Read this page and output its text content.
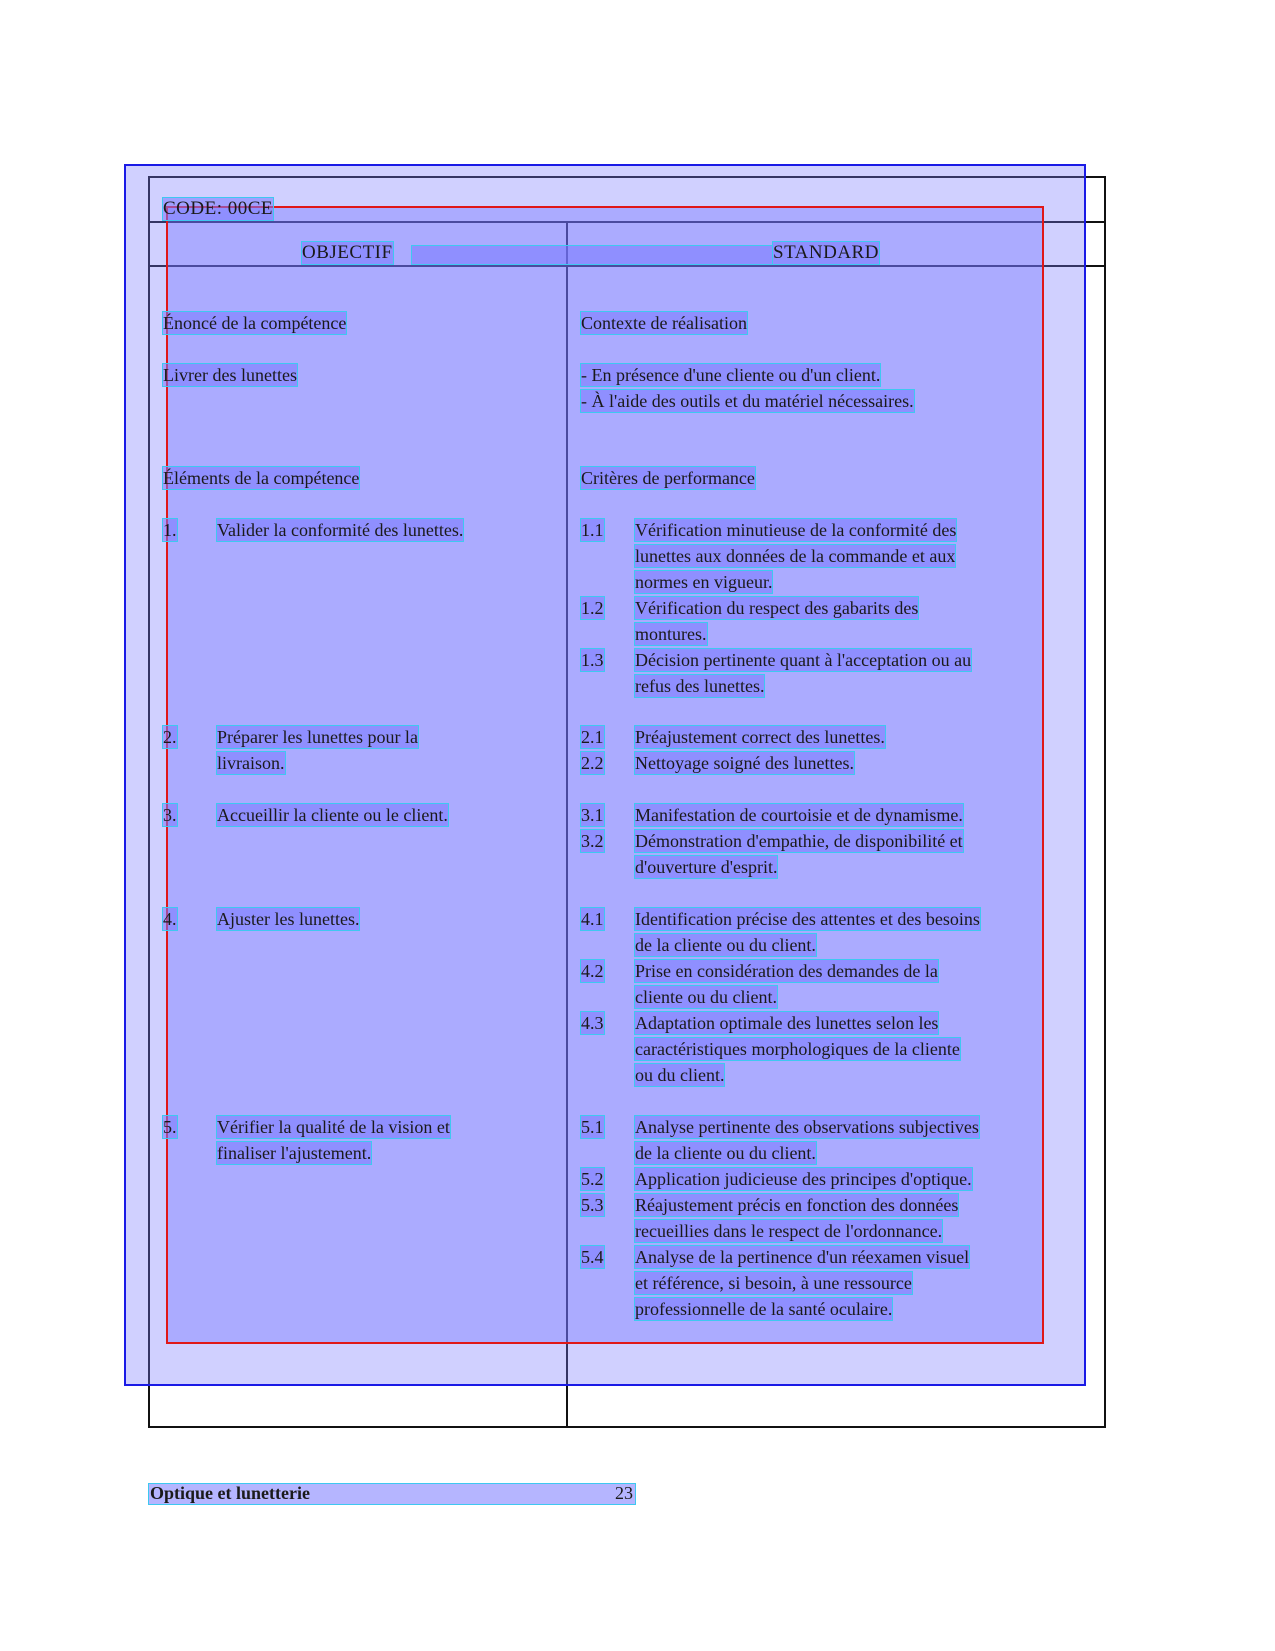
CODE: 00CE
OBJECTIF	STANDARD
Énoncé de la compétence
Livrer des lunettes
Éléments de la compétence
1. Valider la conformité des lunettes.
2. Préparer les lunettes pour la
livraison.
3. Accueillir la cliente ou le client.
4. Ajuster les lunettes.
5. Vérifier la qualité de la vision et
finaliser l'ajustement.
Contexte de réalisation
- En présence d'une cliente ou d'un client.
- À l'aide des outils et du matériel nécessaires.
Critères de performance
1.1 Vérification minutieuse de la conformité des
lunettes aux données de la commande et aux
normes en vigueur.
1.2 Vérification du respect des gabarits des
montures.
1.3 Décision pertinente quant à l'acceptation ou au
refus des lunettes.
2.1 Préajustement correct des lunettes.
2.2 Nettoyage soigné des lunettes.
3.1 Manifestation de courtoisie et de dynamisme.
3.2 Démonstration d'empathie, de disponibilité et
d'ouverture d'esprit.
4.1 Identification précise des attentes et des besoins
de la cliente ou du client.
4.2 Prise en considération des demandes de la
cliente ou du client.
4.3 Adaptation optimale des lunettes selon les
caractéristiques morphologiques de la cliente
ou du client.
5.1 Analyse pertinente des observations subjectives
de la cliente ou du client.
5.2 Application judicieuse des principes d'optique.
5.3 Réajustement précis en fonction des données
recueillies dans le respect de l'ordonnance.
5.4 Analyse de la pertinence d'un réexamen visuel
et référence, si besoin, à une ressource
professionnelle de la santé oculaire.
Optique et lunetterie	23
